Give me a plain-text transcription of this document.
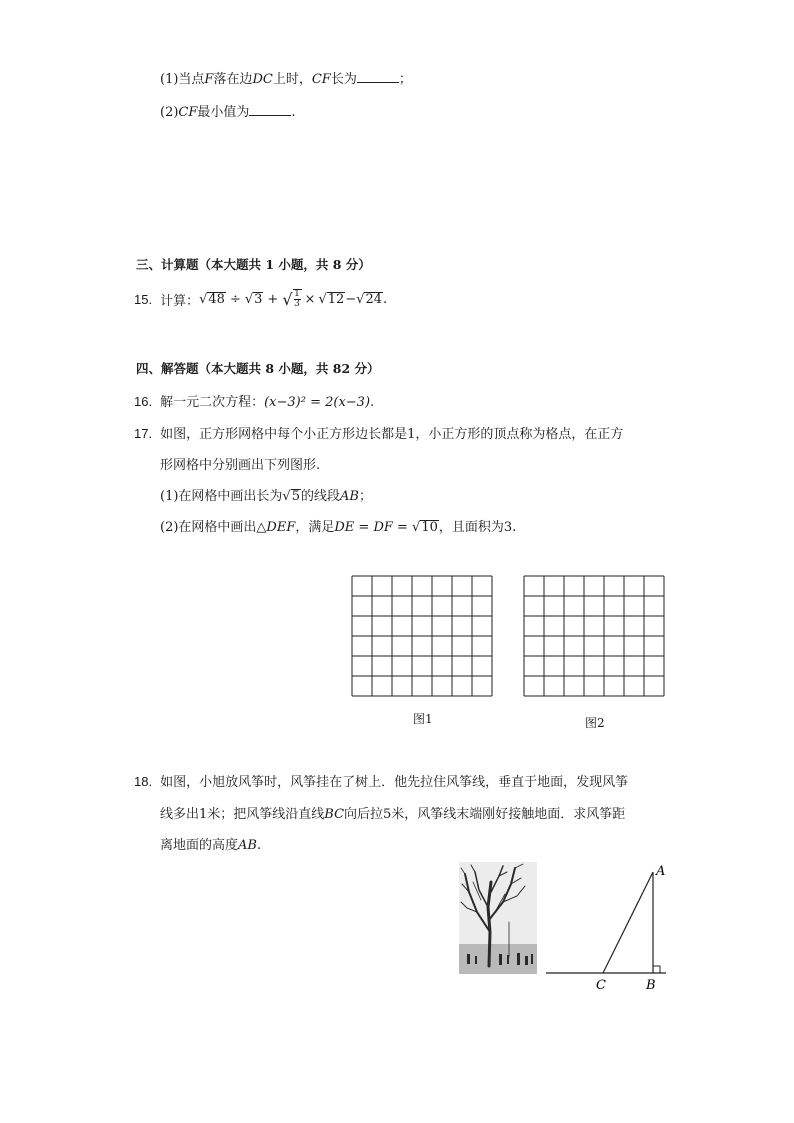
(1)当点F落在边DC上时，CF长为	；
(2)CF最小值为	.
三、计算题（本大题共 1 小题，共 8 分）
15. 计算： √ 48 ÷ √ 3 + √ 1
3 × √ 12 − √ 24 .
四、解答题（本大题共 8 小题，共 82 分）
16. 解一元二次方程：(x−3)² = 2(x−3).
17. 如图，正方形网格中每个小正方形边长都是1，小正方形的顶点称为格点，在正方
形网格中分别画出下列图形.
(1)在网格中画出长为√5的线段AB；
(2)在网格中画出△DEF，满足DE = DF = √10，且面积为3.
图1	图2
18. 如图，小旭放风筝时，风筝挂在了树上．他先拉住风筝线，垂直于地面，发现风筝
线多出1米；把风筝线沿直线BC向后拉5米，风筝线末端刚好接触地面．求风筝距
离地面的高度AB.
A
B
C
